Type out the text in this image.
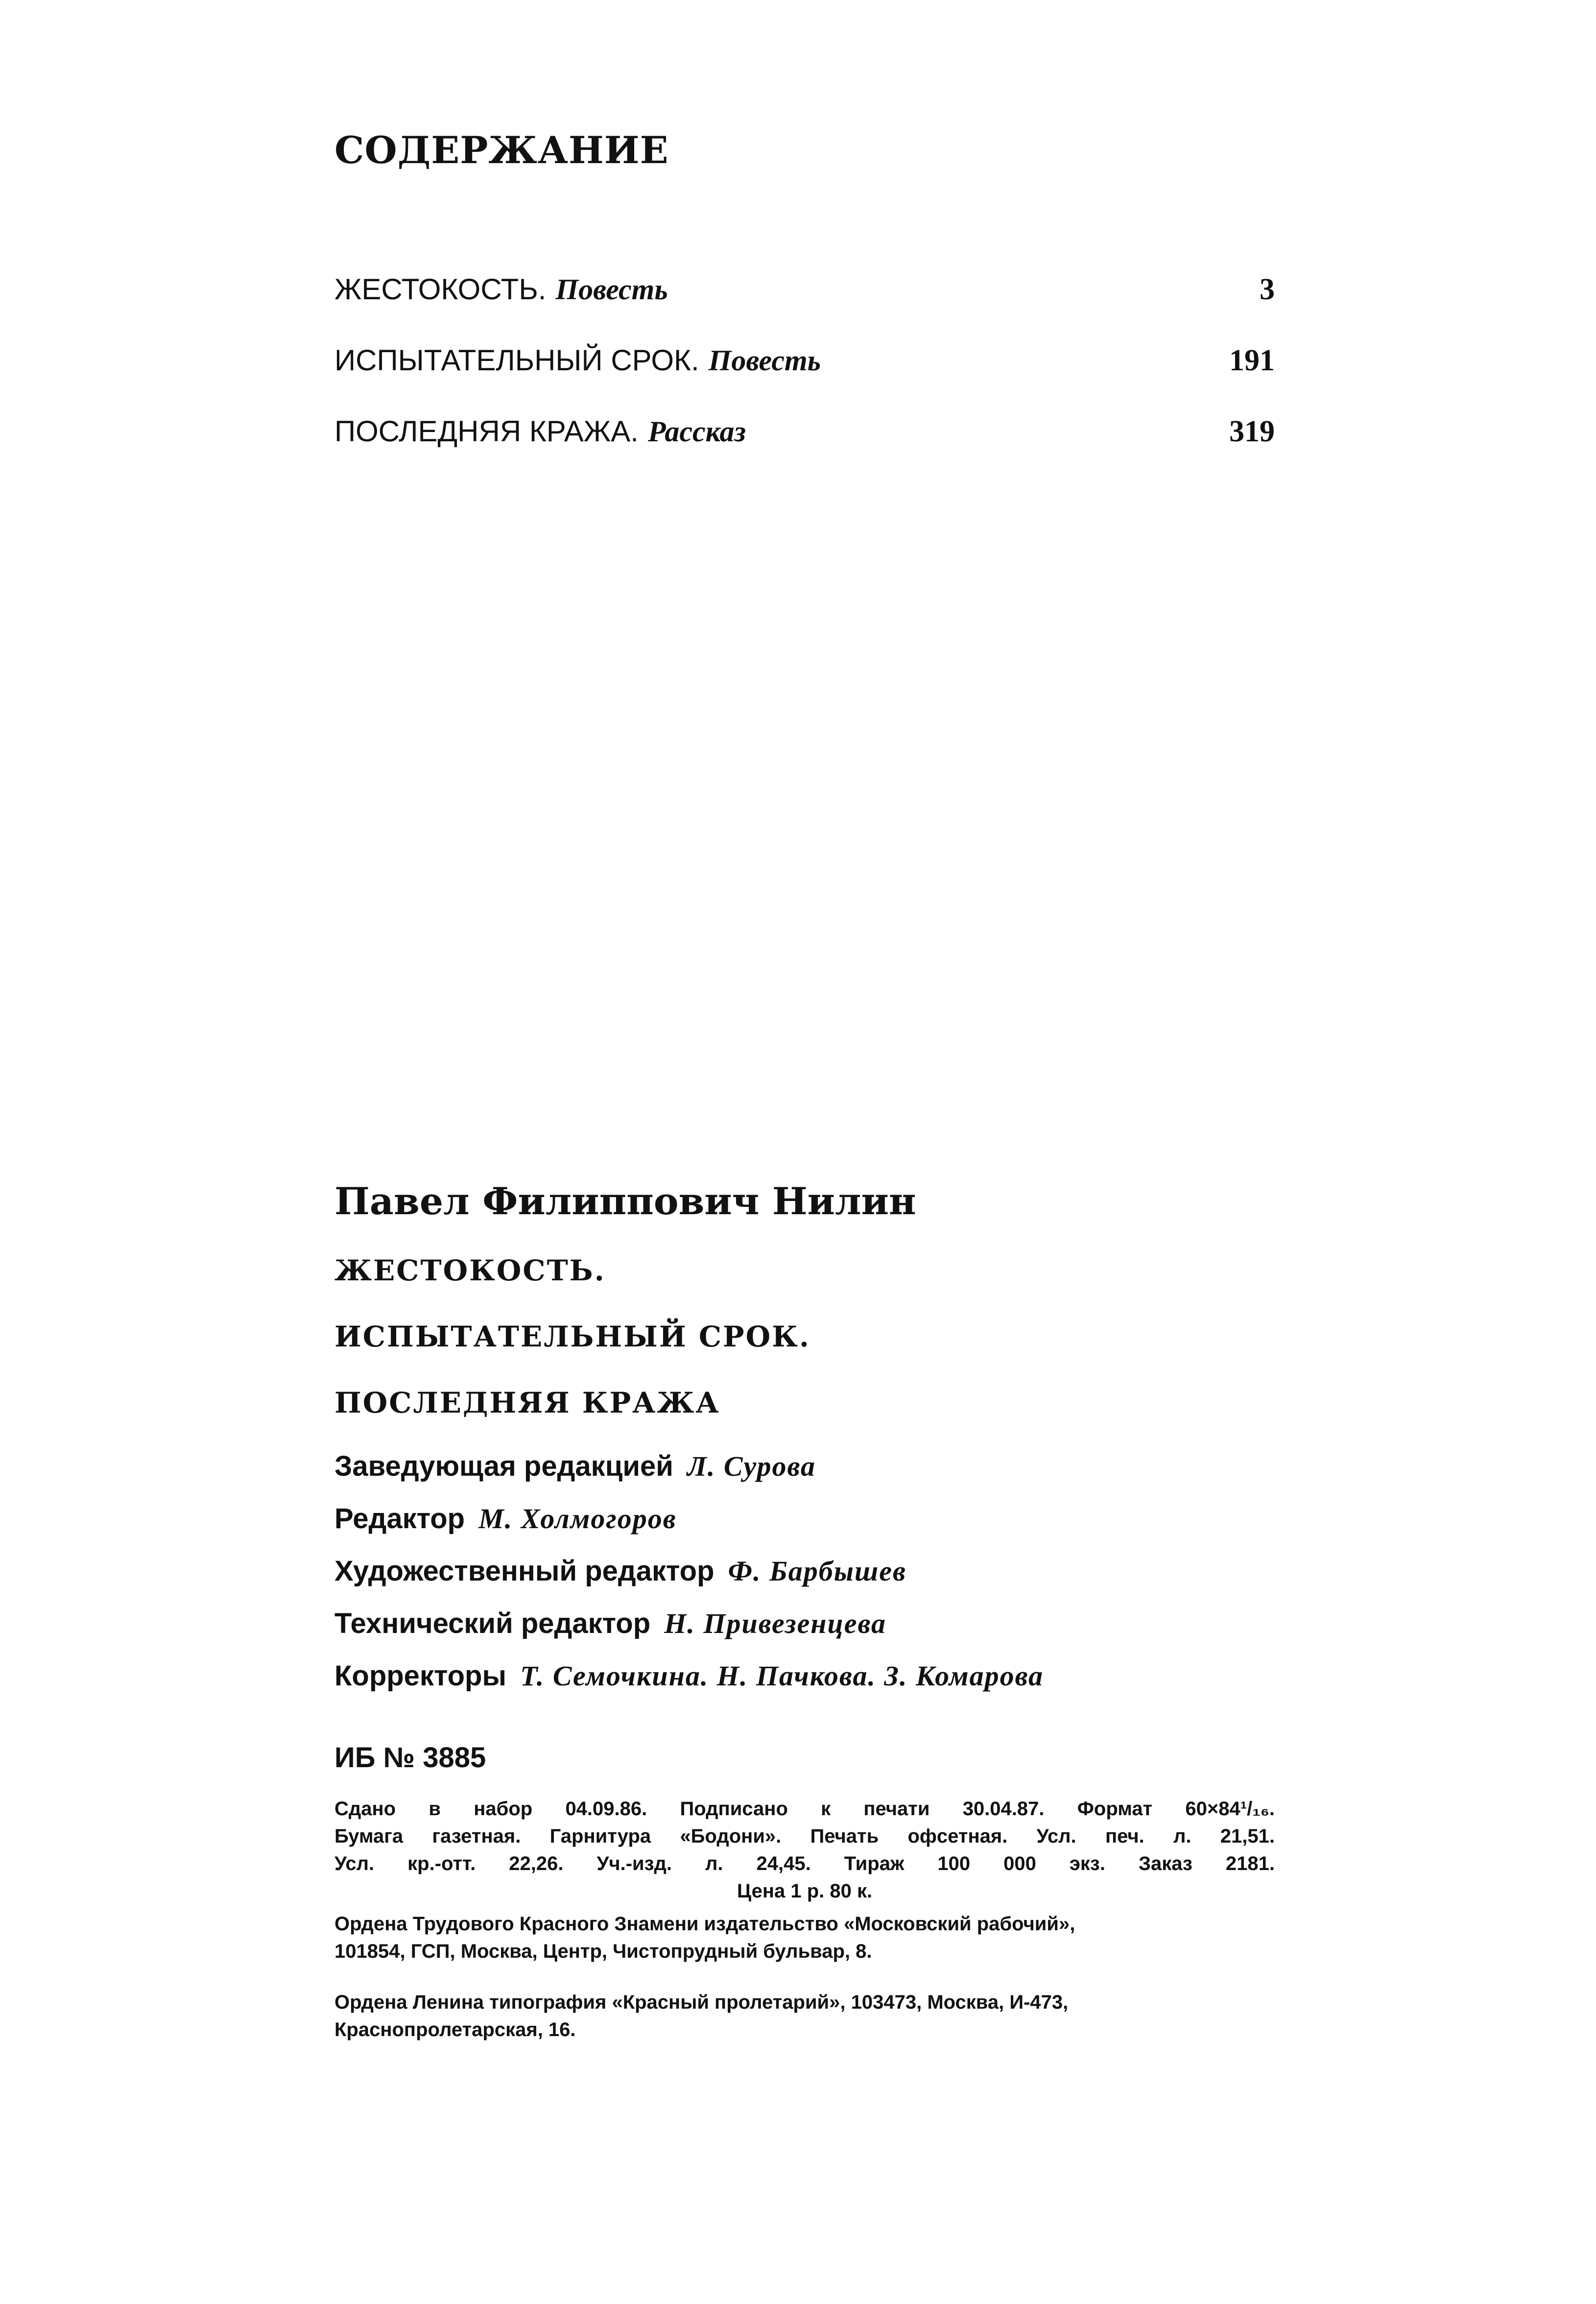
СОДЕРЖАНИЕ
ЖЕСТОКОСТЬ. Повесть	3
ИСПЫТАТЕЛЬНЫЙ СРОК. Повесть	191
ПОСЛЕДНЯЯ КРАЖА. Рассказ	319
Павел Филиппович Нилин
ЖЕСТОКОСТЬ.
ИСПЫТАТЕЛЬНЫЙ СРОК.
ПОСЛЕДНЯЯ КРАЖА
Заведующая редакцией Л. Сурова
Редактор М. Холмогоров
Художественный редактор Ф. Барбышев
Технический редактор Н. Привезенцева
Корректоры Т. Семочкина. Н. Пачкова. З. Комарова

ИБ № 3885

Сдано в набор 04.09.86. Подписано к печати 30.04.87. Формат 60×84¹/₁₆.

Бумага газетная. Гарнитура «Бодони». Печать офсетная. Усл. печ. л. 21,51.

Усл. кр.-отт. 22,26. Уч.-изд. л. 24,45. Тираж 100 000 экз. Заказ 2181.

Цена 1 р. 80 к.

Ордена Трудового Красного Знамени издательство «Московский рабочий»,

101854, ГСП, Москва, Центр, Чистопрудный бульвар, 8.

Ордена Ленина типография «Красный пролетарий», 103473, Москва, И-473,

Краснопролетарская, 16.
